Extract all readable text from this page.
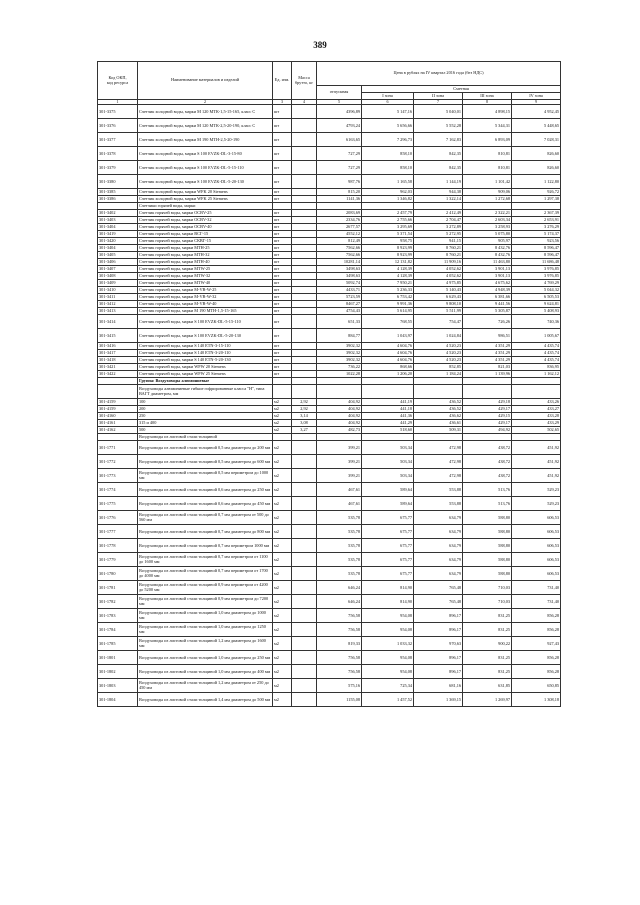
389
Код ОКП,
код ресурса	Наименование материалов и изделий	Ед. изм.	Масса брутто, кг	Цена в рублях на IV квартал 2016 года (без НДС)				
				отпускная	Сметная			
					I зона	II зона	III зона	IV зона
1	2	3	4	5	6	7	8	9
301-3375	Счетчик холодной воды, марки М 120 МТК-1,5-15-165, класс С	шт		4396,89	5 147,16	5 040,01	4 898,15	4 952,45
301-3376	Счетчик холодной воды, марки М 120 МТК-2,5-20-190, класс С	шт		4793,24	5 656,66	5 552,28	5 344,31	5 448,65
301-3377	Счетчик холодной воды, марки М 190 МТН-2,5-20-190	шт		6163,65	7 296,73	7 162,83	6 893,09	7 028,31
301-3378	Счетчик холодной воды, марки S 100 EVZK-DL-3-15-80	шт		727,29	858,10	842,35	810,81	826,60
301-3379	Счетчик холодной воды, марки S 100 EVZK-DL-5-15-110	шт		727,29	858,10	842,35	810,81	826,60
301-3380	Счетчик холодной воды, марки S 100 EVZK-DL-5-20-130	шт		987,76	1 165,58	1 144,19	1 101,42	1 122,80
301-3385	Счетчик холодной воды, марки WFK 20 Siemens	шт		815,20	962,03	944,38	909,06	926,72
301-3386	Счетчик холодной воды, марки WFK 25 Siemens	шт		1141,36	1 346,82	1 322,14	1 272,68	1 297,38
	Счетчики горячей воды, марки							
301-3402	Счетчик горячей воды, марки OCBV-25	шт		2083,69	2 457,79	2 412,49	2 322,21	2 367,39
301-3403	Счетчик горячей воды, марки OCBV-32	шт		2334,76	2 755,66	2 704,47	2 603,34	2 653,91
301-3404	Счетчик горячей воды, марки OCBV-40	шт		2677,57	3 295,69	3 272,89	3 258,93	3 276,29
301-3419	Счетчик горячей воды, марки ВСГ-15	шт		4552,12	5 371,54	5 272,95	5 075,80	5 174,37
301-3420	Счетчик горячей воды, марки СКВГ-15	шт		812,49	958,75	941,15	905,97	923,56
301-3404	Счетчик горячей воды, марки МТН-25	шт		7562,66	8 923,99	8 760,21	8 432,76	8 596,47
301-3405	Счетчик горячей воды, марки МТН-32	шт		7562,66	8 923,99	8 760,21	8 432,76	8 596,47
301-3406	Счетчик горячей воды, марки МТН-40	шт		10281,14	12 131,82	11 909,16	11 463,80	11 686,48
301-3407	Счетчик горячей воды, марки МТW-25	шт		3498,63	4 128,39	4 052,62	3 901,13	3 976,85
301-3408	Счетчик горячей воды, марки МТW-32	шт		3498,63	4 128,39	4 052,62	3 901,13	3 976,85
301-3409	Счетчик горячей воды, марки МТW-40	шт		5092,74	7 950,21	4 975,85	4 675,62	4 769,29
301-3410	Счетчик горячей воды, марки М-VB-W-25	шт		4433,71	5 236,33	5 140,43	4 948,39	5 044,32
301-3411	Счетчик горячей воды, марки М-VB-W-32	шт		5723,59	6 753,42	6 629,43	6 381,66	6 505,53
301-3412	Счетчик горячей воды, марки М-VB-W-40	шт		8467,27	9 991,36	9 808,10	9 441,56	9 624,81
301-3413	Счетчик горячей воды, марки М 190 МТН-1,5-15-165	шт		4754,43	5 614,95	5 511,99	5 305,87	5 408,93
301-3414	Счетчик горячей воды, марки S 100 EVZK-DL-5-15-110	шт		651,33	768,55	754,47	726,26	740,36
301-3415	Счетчик горячей воды, марки S 100 EVZK-DL-5-20-130	шт		884,77	1 043,97	1 024,84	986,51	1 005,67
301-3416	Счетчик горячей воды, марки S 140 ETN-3-15-110	шт		3902,32	4 604,76	4 520,23	4 351,29	4 435,74
301-3417	Счетчик горячей воды, марки S 140 ETN-3-20-110	шт		3902,32	4 604,76	4 520,23	4 351,29	4 435,74
301-3418	Счетчик горячей воды, марки S 140 ETN-5-20-130	шт		3902,32	4 604,76	4 520,23	4 351,29	4 435,74
301-3421	Счетчик горячей воды, марки WFW 20 Siemens	шт		736,22	868,66	852,85	821,03	836,95
301-3422	Счетчик горячей воды, марки WFW 25 Siemens	шт		1022,28	1 206,20	1 184,24	1 139,96	1 162,12
	Группа: Воздуховоды алюминиевые							
	Воздуховоды алюминиевые гибкие гофрированные класса "Н", типа ВАГТ диаметром, мм							
301-4159	100	м2	2,92	404,92	441,19	436,52	429,18	433,26
301-4159	200	м2	2,92	404,92	441,18	436,52	429,17	433,27
301-4160	250	м2	3,14	404,92	441,36	436,62	429,15	433,28
301-4161	315 и 400	м2	3,08	404,92	441,29	436,61	429,17	433,29
301-4162	500	м2	3,27	482,73	518,60	509,31	494,92	502,65
	Воздуховоды из листовой стали толщиной							
301-1771	Воздуховоды из листовой стали толщиной 0,5 мм диаметром до 200 мм	м2		399,21	503,34	472,98	438,72	451,92
301-1772	Воздуховоды из листовой стали толщиной 0,5 мм диаметром до 600 мм	м2		399,21	503,34	472,98	438,72	451,92
301-1773	Воздуховоды из листовой стали толщиной 0,5 мм периметром до 1000 мм	м2		399,21	503,34	472,98	438,72	451,92
301-1774	Воздуховоды из листовой стали толщиной 0,6 мм диаметром до 250 мм	м2		467,61	589,64	553,88	513,76	529,23
301-1775	Воздуховоды из листовой стали толщиной 0,6 мм диаметром до 450 мм	м2		467,61	589,64	553,88	513,76	529,23
301-1776	Воздуховоды из листовой стали толщиной 0,7 мм диаметром от 500 до 560 мм	м2		535,78	675,77	634,79	588,80	606,53
301-1777	Воздуховоды из листовой стали толщиной 0,7 мм диаметром до 800 мм	м2		535,78	675,77	634,79	588,80	606,53
301-1778	Воздуховоды из листовой стали толщиной 0,7 мм периметром 1000 мм	м2		535,78	675,77	634,79	588,80	606,53
301-1779	Воздуховоды из листовой стали толщиной 0,7 мм периметром от 1100 до 1600 мм	м2		535,78	675,77	634,79	588,80	606,53
301-1780	Воздуховоды из листовой стали толщиной 0,7 мм периметром от 1700 до 4000 мм	м2		535,78	675,77	634,79	588,80	606,53
301-1781	Воздуховоды из листовой стали толщиной 0,9 мм периметром от 4200 до 5200 мм	м2		646,24	814,90	765,48	710,03	731,40
301-1782	Воздуховоды из листовой стали толщиной 0,9 мм периметром до 7200 мм	м2		646,24	814,90	765,48	710,03	731,40
301-1783	Воздуховоды из листовой стали толщиной 1,0 мм диаметром до 1000 мм	м2		756,58	954,08	896,17	831,25	856,28
301-1784	Воздуховоды из листовой стали толщиной 1,0 мм диаметром до 1250 мм	м2		756,58	954,08	896,17	831,25	856,28
301-1785	Воздуховоды из листовой стали толщиной 1,2 мм диаметром до 1600 мм	м2		819,33	1 033,32	970,63	900,22	927,43
301-1801	Воздуховоды из листовой стали толщиной 1,0 мм диаметром до 250 мм	м2		756,58	954,08	896,17	831,25	856,28
301-1802	Воздуховоды из листовой стали толщиной 1,0 мм диаметром до 400 мм	м2		756,58	954,08	896,17	831,25	856,28
301-1803	Воздуховоды из листовой стали толщиной 1,2 мм диаметром от 250 до 450 мм	м2		575,16	725,34	681,16	631,85	650,85
301-1804	Воздуховоды из листовой стали толщиной 1,4 мм диаметром до 500 мм	м2		1155,08	1 457,52	1 369,15	1 269,97	1 308,18
